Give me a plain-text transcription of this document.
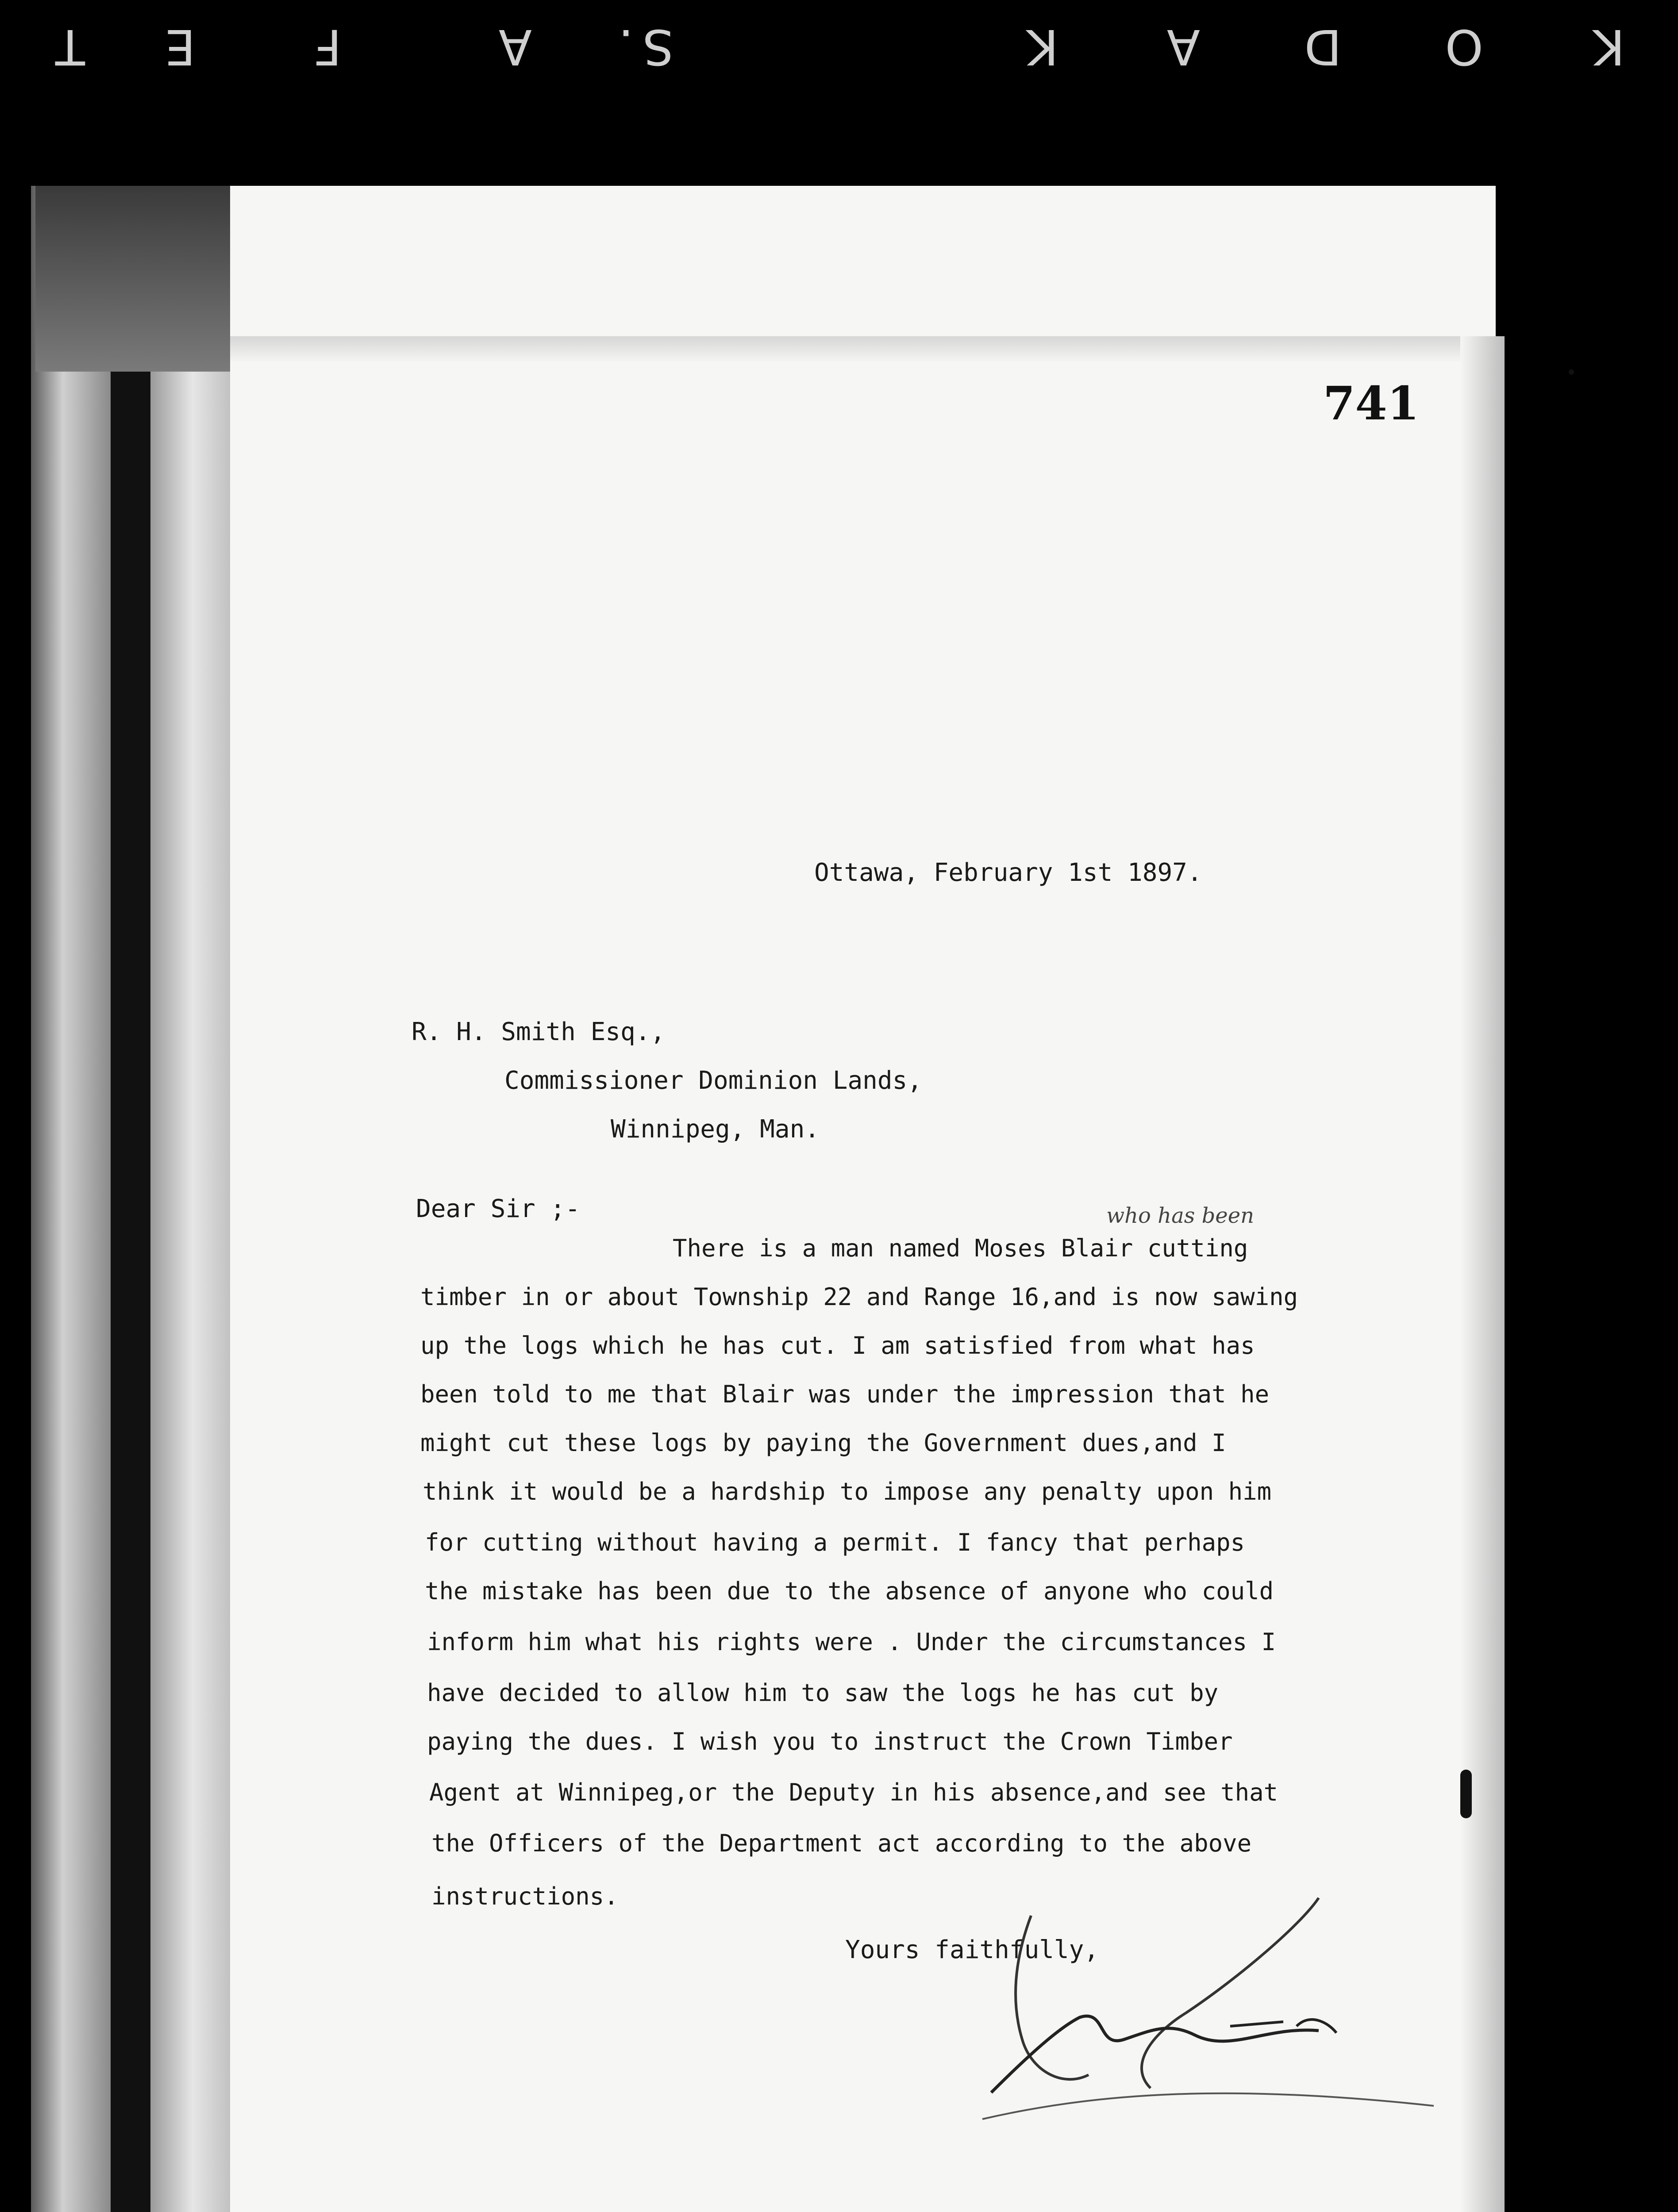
K
O
D
A
K
S
.
A
F
E
T
741
Ottawa, February 1st 1897.
R. H. Smith Esq.,
Commissioner Dominion Lands,
Winnipeg, Man.
Dear Sir ;-	who has been
There is a man named Moses Blair cutting
timber in or about Township 22 and Range 16,and is now sawing
up the logs which he has cut. I am satisfied from what has
been told to me that Blair was under the impression that he
might cut these logs by paying the Government dues,and I
think it would be a hardship to impose any penalty upon him
for cutting without having a permit. I fancy that perhaps
the mistake has been due to the absence of anyone who could
inform him what his rights were . Under the circumstances I
have decided to allow him to saw the logs he has cut by
paying the dues. I wish you to instruct the Crown Timber
Agent at Winnipeg,or the Deputy in his absence,and see that
the Officers of the Department act according to the above
instructions.
Yours faithfully,
